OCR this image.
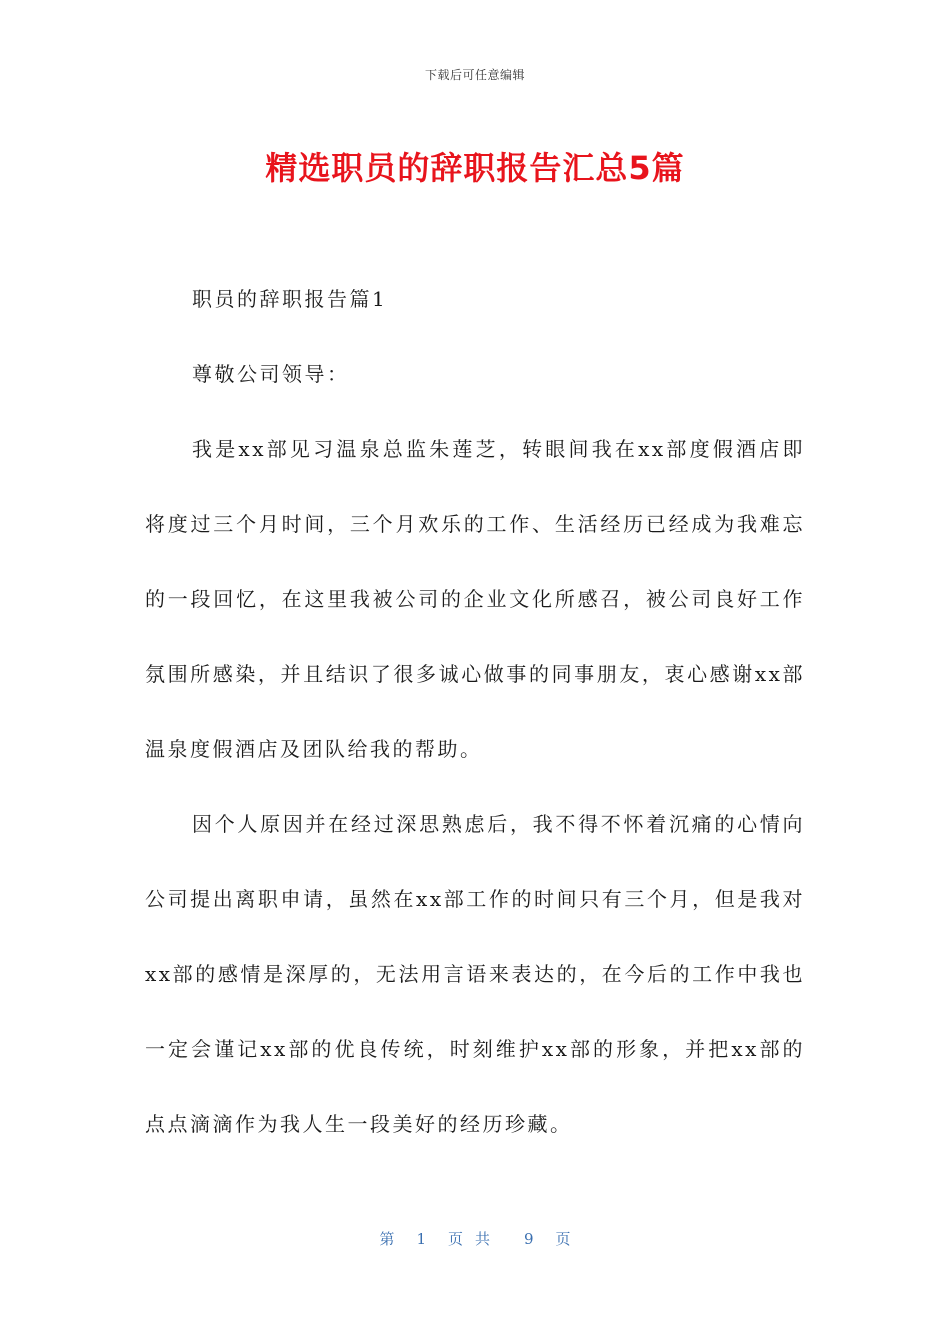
下载后可任意编辑
精选职员的辞职报告汇总5篇
职员的辞职报告篇1
尊敬公司领导：
我是xx部见习温泉总监朱莲芝，转眼间我在xx部度假酒店即将度过三个月时间，三个月欢乐的工作、生活经历已经成为我难忘的一段回忆，在这里我被公司的企业文化所感召，被公司良好工作氛围所感染，并且结识了很多诚心做事的同事朋友，衷心感谢xx部温泉度假酒店及团队给我的帮助。
因个人原因并在经过深思熟虑后，我不得不怀着沉痛的心情向公司提出离职申请，虽然在xx部工作的时间只有三个月，但是我对xx部的感情是深厚的，无法用言语来表达的，在今后的工作中我也一定会谨记xx部的优良传统，时刻维护xx部的形象，并把xx部的点点滴滴作为我人生一段美好的经历珍藏。
第 1 页共 9 页
